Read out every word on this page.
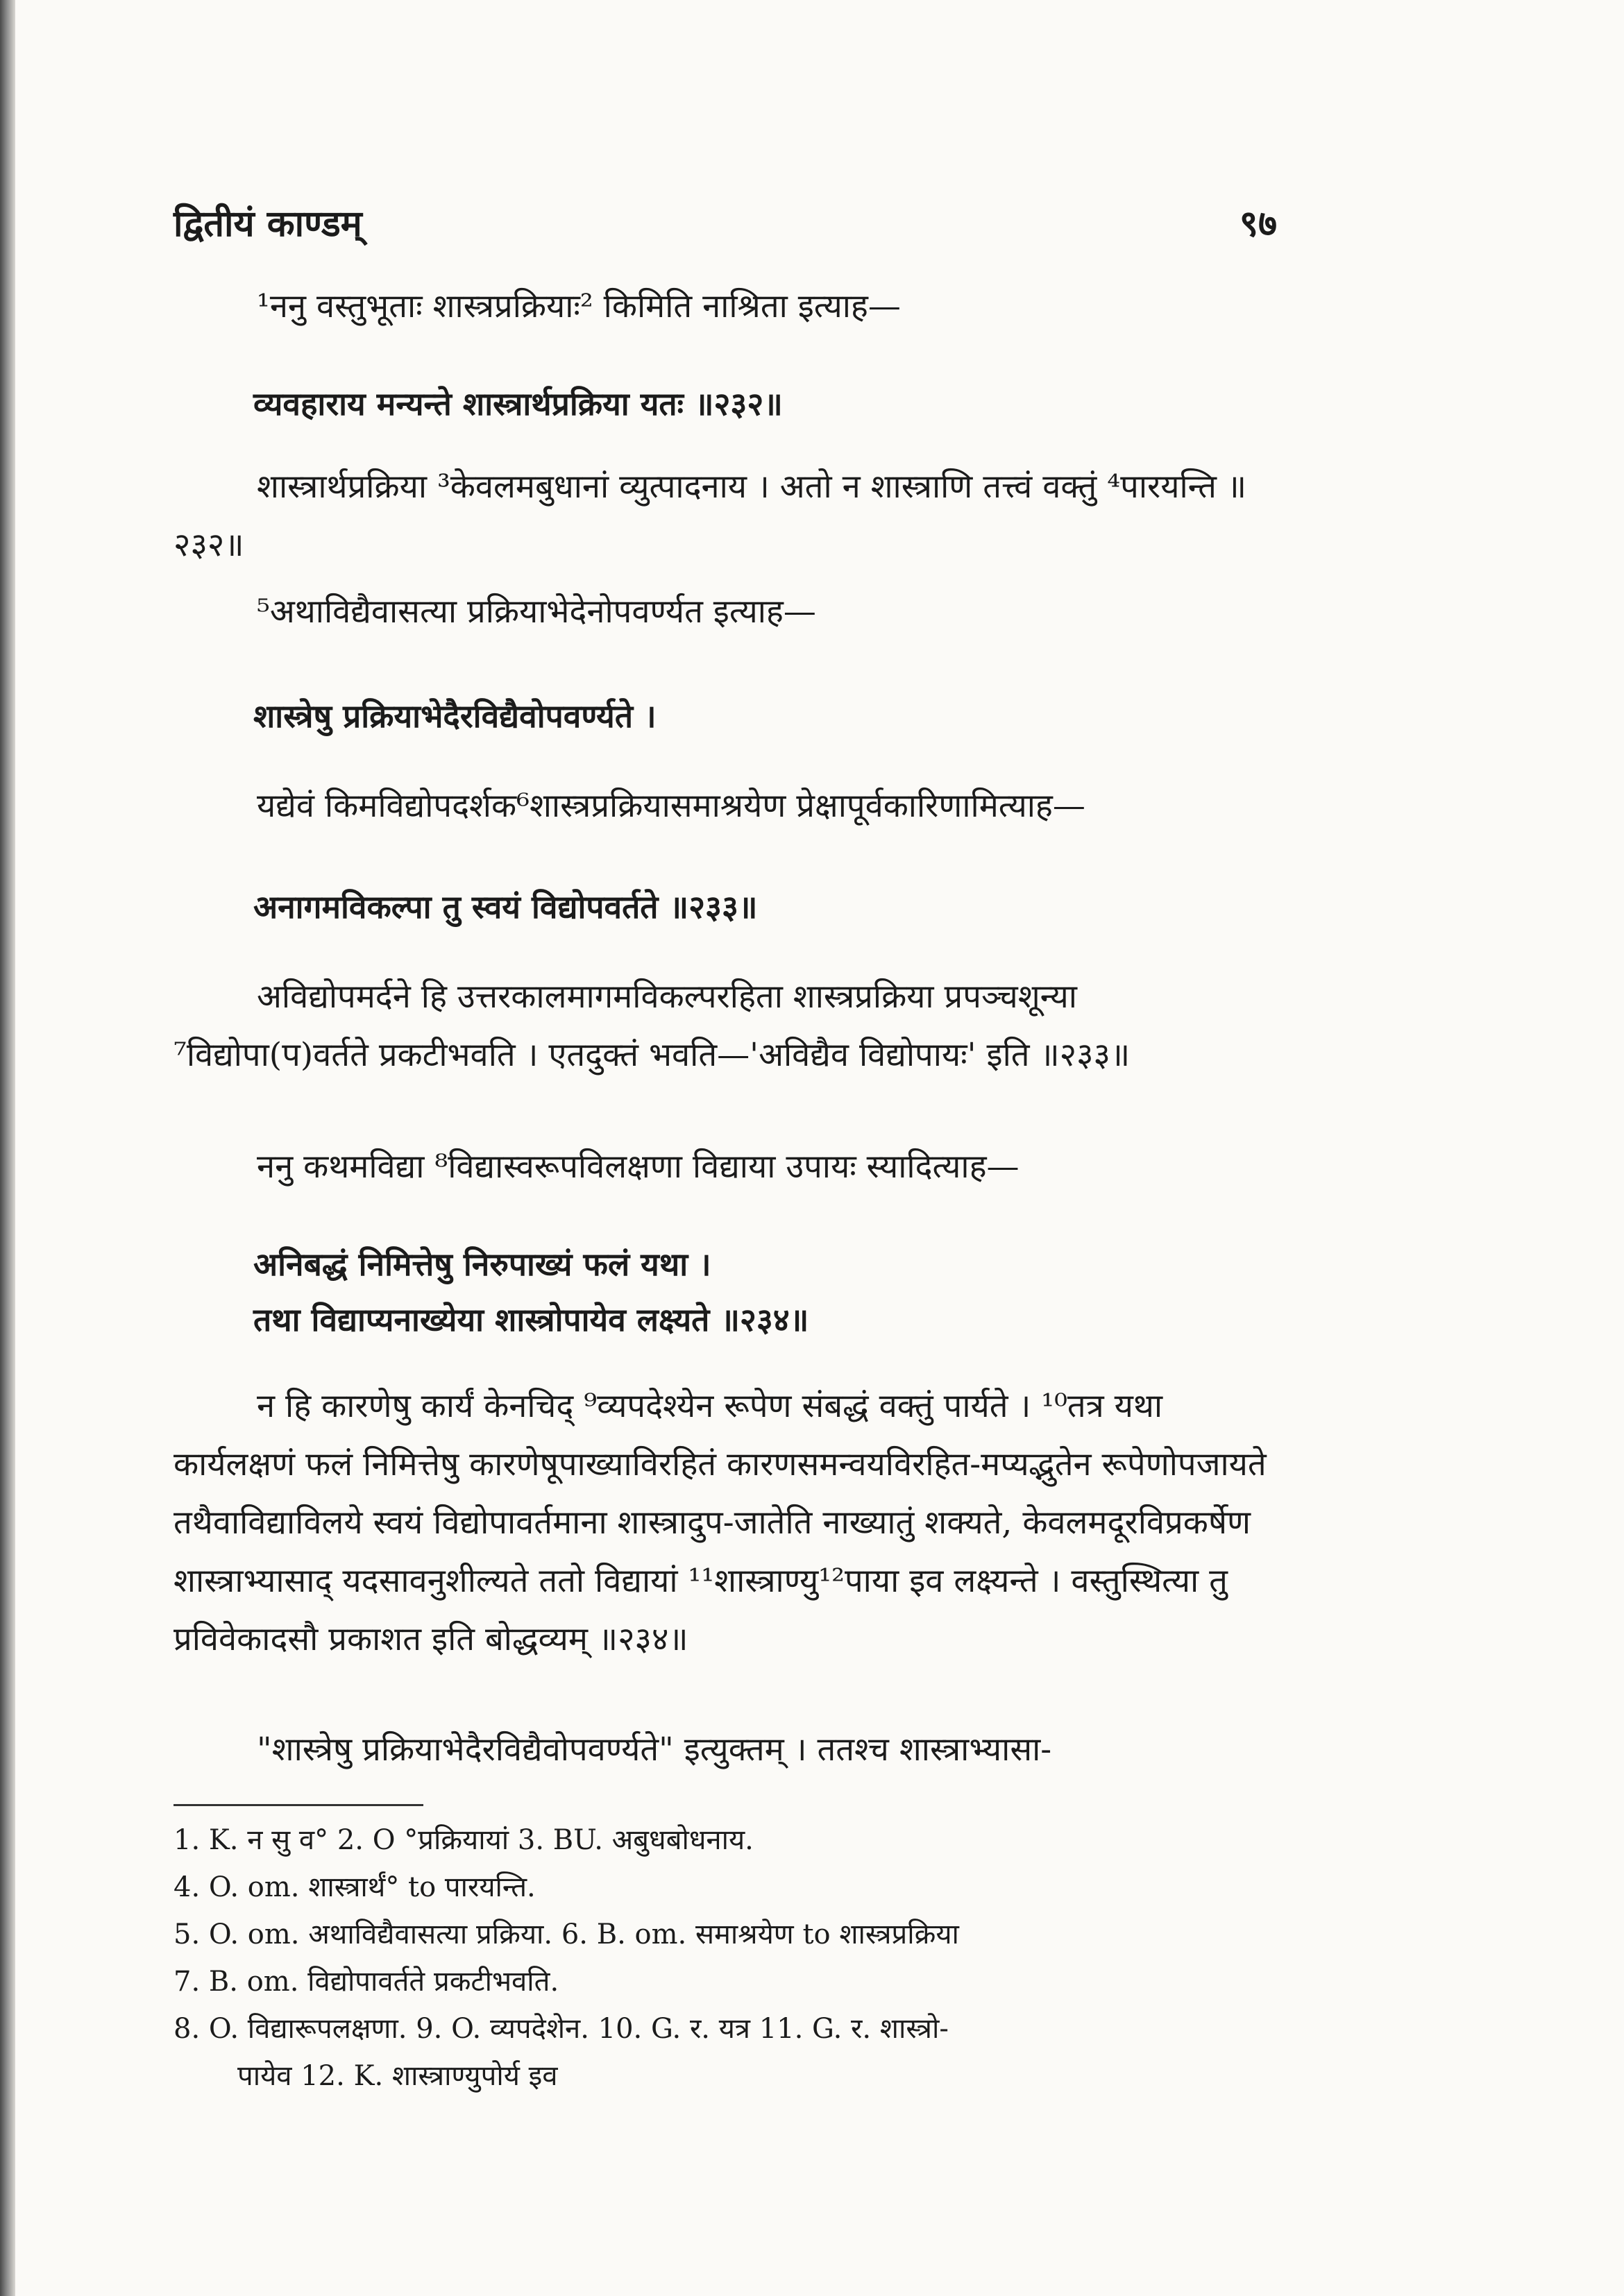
द्वितीयं काण्डम्	९७

¹ननु वस्तुभूताः शास्त्रप्रक्रियाः² किमिति नाश्रिता इत्याह—

व्यवहाराय मन्यन्ते शास्त्रार्थप्रक्रिया यतः ॥२३२॥

शास्त्रार्थप्रक्रिया ³केवलमबुधानां व्युत्पादनाय । अतो न शास्त्राणि तत्त्वं वक्तुं ⁴पारयन्ति ॥२३२॥

⁵अथाविद्यैवासत्या प्रक्रियाभेदेनोपवर्ण्यत इत्याह—

शास्त्रेषु प्रक्रियाभेदैरविद्यैवोपवर्ण्यते ।

यद्येवं किमविद्योपदर्शक⁶शास्त्रप्रक्रियासमाश्रयेण प्रेक्षापूर्वकारिणामित्याह—

अनागमविकल्पा तु स्वयं विद्योपवर्तते ॥२३३॥

अविद्योपमर्दने हि उत्तरकालमागमविकल्परहिता शास्त्रप्रक्रिया प्रपञ्चशून्या ⁷विद्योपा(प)वर्तते प्रकटीभवति । एतदुक्तं भवति—'अविद्यैव विद्योपायः' इति ॥२३३॥

ननु कथमविद्या ⁸विद्यास्वरूपविलक्षणा विद्याया उपायः स्यादित्याह—

अनिबद्धं निमित्तेषु निरुपाख्यं फलं यथा ।

तथा विद्याप्यनाख्येया शास्त्रोपायेव लक्ष्यते ॥२३४॥

न हि कारणेषु कार्यं केनचिद् ⁹व्यपदेश्येन रूपेण संबद्धं वक्तुं पार्यते । ¹⁰तत्र यथा कार्यलक्षणं फलं निमित्तेषु कारणेषूपाख्याविरहितं कारणसमन्वयविरहित-मप्यद्भुतेन रूपेणोपजायते तथैवाविद्याविलये स्वयं विद्योपावर्तमाना शास्त्रादुप-जातेति नाख्यातुं शक्यते, केवलमदूरविप्रकर्षेण शास्त्राभ्यासाद् यदसावनुशील्यते ततो विद्यायां ¹¹शास्त्राण्यु¹²पाया इव लक्ष्यन्ते । वस्तुस्थित्या तु प्रविवेकादसौ प्रकाशत इति बोद्धव्यम् ॥२३४॥

"शास्त्रेषु प्रक्रियाभेदैरविद्यैवोपवर्ण्यते" इत्युक्तम् । ततश्च शास्त्राभ्यासा-

1. K. न सु व° 2. O °प्रक्रियायां 3. BU. अबुधबोधनाय.
4. O. om. शास्त्रार्थं° to पारयन्ति.
5. O. om. अथाविद्यैवासत्या प्रक्रिया. 6. B. om. समाश्रयेण to शास्त्रप्रक्रिया
7. B. om. विद्योपावर्तते प्रकटीभवति.
8. O. विद्यारूपलक्षणा. 9. O. व्यपदेशेन. 10. G. र. यत्र 11. G. र. शास्त्रो-
पायेव 12. K. शास्त्राण्युपोर्य इव
